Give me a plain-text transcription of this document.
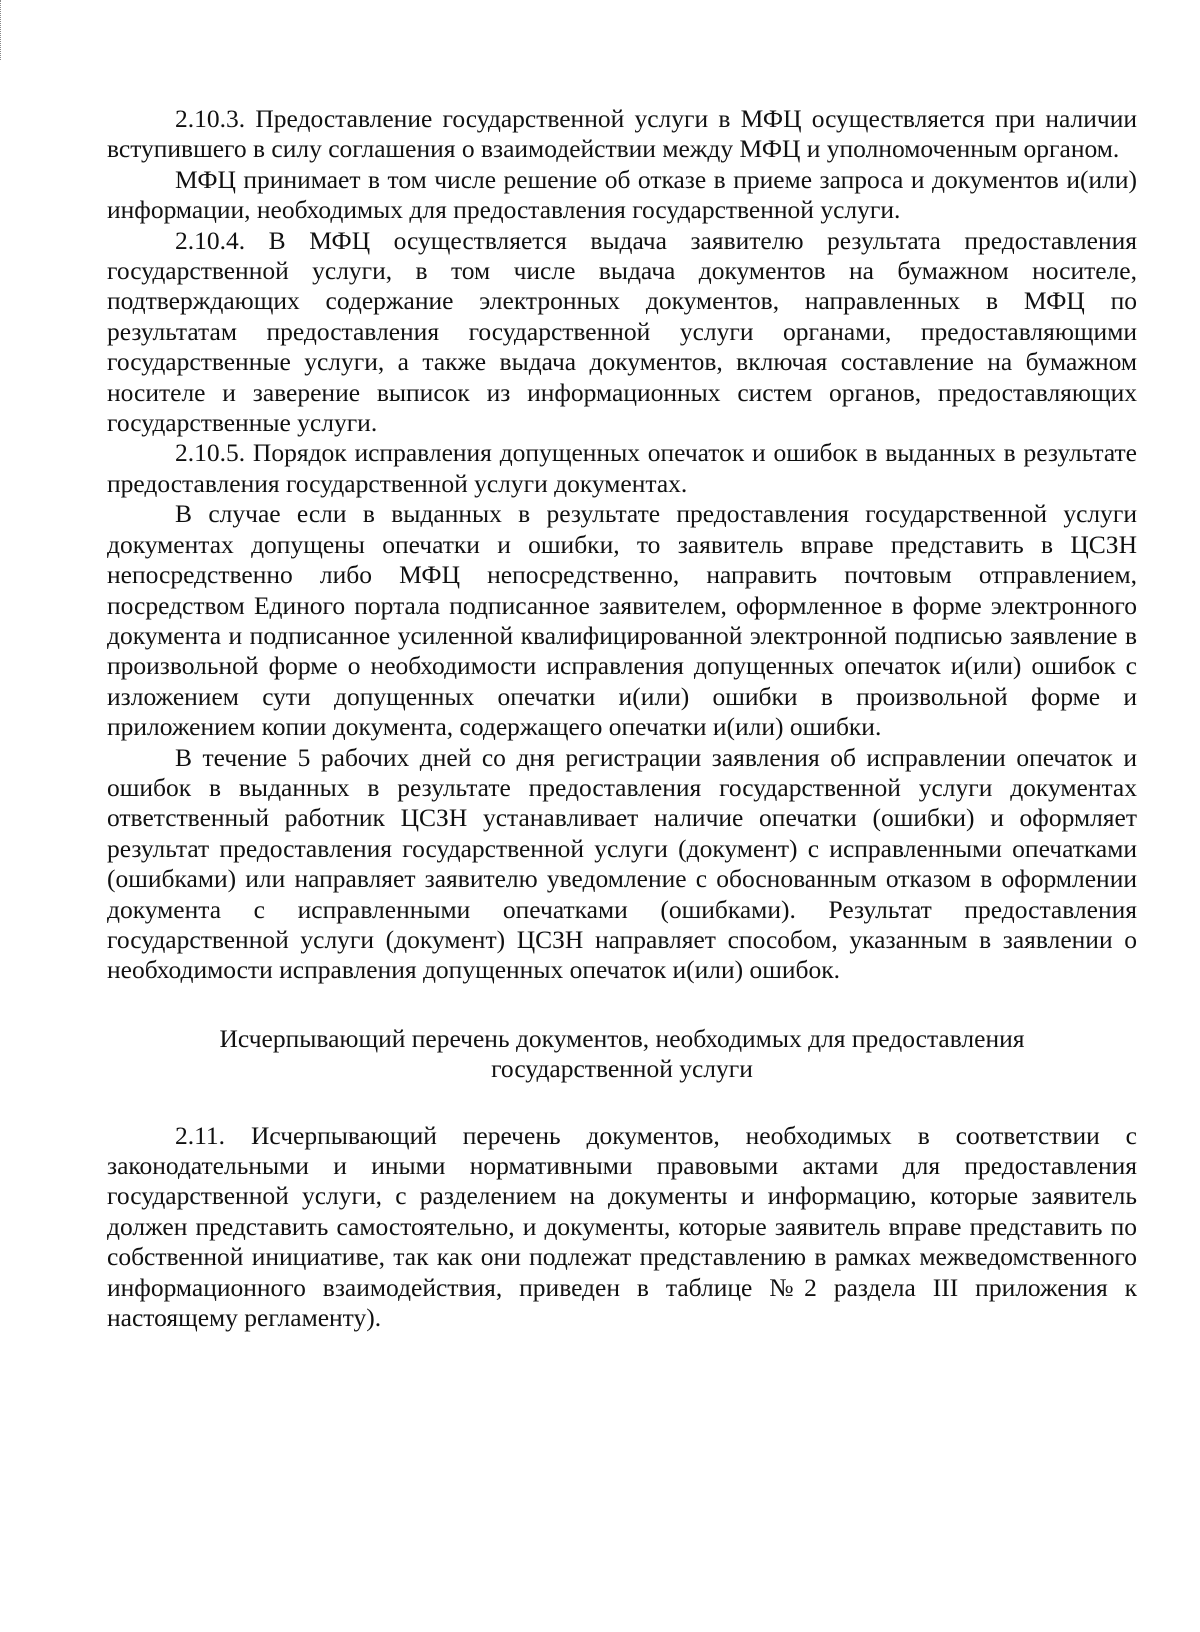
2.10.3. Предоставление государственной услуги в МФЦ осуществляется при наличии вступившего в силу соглашения о взаимодействии между МФЦ и уполномоченным органом.

МФЦ принимает в том числе решение об отказе в приеме запроса и документов и(или) информации, необходимых для предоставления государственной услуги.

2.10.4. В МФЦ осуществляется выдача заявителю результата предоставления государственной услуги, в том числе выдача документов на бумажном носителе, подтверждающих содержание электронных документов, направленных в МФЦ по результатам предоставления государственной услуги органами, предоставляющими государственные услуги, а также выдача документов, включая составление на бумажном носителе и заверение выписок из информационных систем органов, предоставляющих государственные услуги.

2.10.5. Порядок исправления допущенных опечаток и ошибок в выданных в результате предоставления государственной услуги документах.

В случае если в выданных в результате предоставления государственной услуги документах допущены опечатки и ошибки, то заявитель вправе представить в ЦСЗН непосредственно либо МФЦ непосредственно, направить почтовым отправлением, посредством Единого портала подписанное заявителем, оформленное в форме электронного документа и подписанное усиленной квалифицированной электронной подписью заявление в произвольной форме о необходимости исправления допущенных опечаток и(или) ошибок с изложением сути допущенных опечатки и(или) ошибки в произвольной форме и приложением копии документа, содержащего опечатки и(или) ошибки.

В течение 5 рабочих дней со дня регистрации заявления об исправлении опечаток и ошибок в выданных в результате предоставления государственной услуги документах ответственный работник ЦСЗН устанавливает наличие опечатки (ошибки) и оформляет результат предоставления государственной услуги (документ) с исправленными опечатками (ошибками) или направляет заявителю уведомление с обоснованным отказом в оформлении документа с исправленными опечатками (ошибками). Результат предоставления государственной услуги (документ) ЦСЗН направляет способом, указанным в заявлении о необходимости исправления допущенных опечаток и(или) ошибок.

Исчерпывающий перечень документов, необходимых для предоставления
государственной услуги

2.11. Исчерпывающий перечень документов, необходимых в соответствии с законодательными и иными нормативными правовыми актами для предоставления государственной услуги, с разделением на документы и информацию, которые заявитель должен представить самостоятельно, и документы, которые заявитель вправе представить по собственной инициативе, так как они подлежат представлению в рамках межведомственного информационного взаимодействия, приведен в таблице №2 раздела III приложения к настоящему регламенту).
